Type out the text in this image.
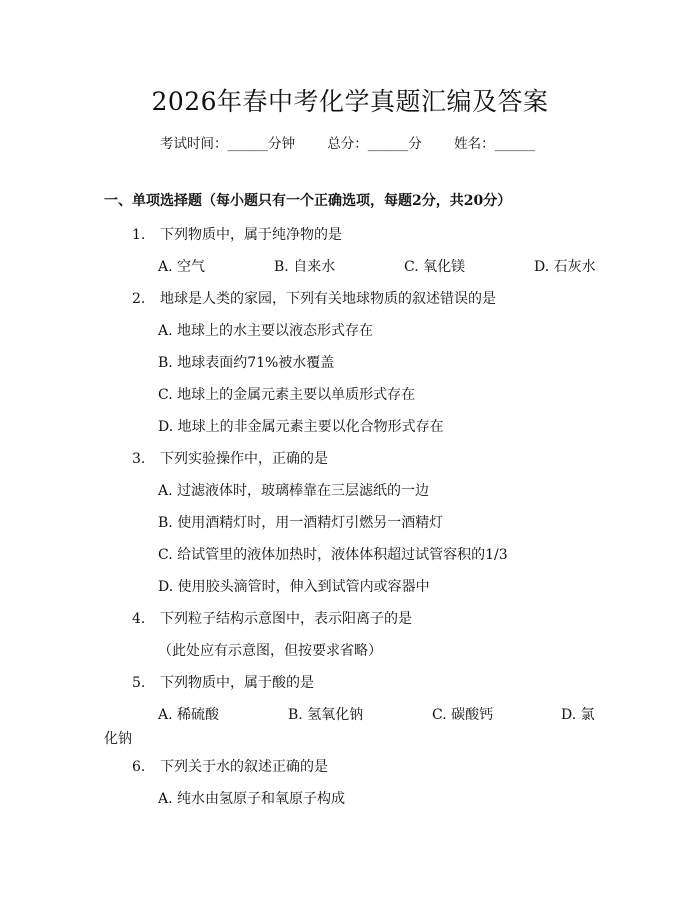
2026年春中考化学真题汇编及答案
考试时间：______分钟 总分：______分 姓名：______
一、单项选择题（每小题只有一个正确选项，每题2分，共20分）
1. 下列物质中，属于纯净物的是
A. 空气	B. 自来水	C. 氧化镁	D. 石灰水
2. 地球是人类的家园，下列有关地球物质的叙述错误的是
A. 地球上的水主要以液态形式存在
B. 地球表面约71%被水覆盖
C. 地球上的金属元素主要以单质形式存在
D. 地球上的非金属元素主要以化合物形式存在
3. 下列实验操作中，正确的是
A. 过滤液体时，玻璃棒靠在三层滤纸的一边
B. 使用酒精灯时，用一酒精灯引燃另一酒精灯
C. 给试管里的液体加热时，液体体积超过试管容积的1/3
D. 使用胶头滴管时，伸入到试管内或容器中
4. 下列粒子结构示意图中，表示阳离子的是
（此处应有示意图，但按要求省略）
5. 下列物质中，属于酸的是
A. 稀硫酸	B. 氢氧化钠	C. 碳酸钙	D. 氯
化钠
6. 下列关于水的叙述正确的是
A. 纯水由氢原子和氧原子构成
